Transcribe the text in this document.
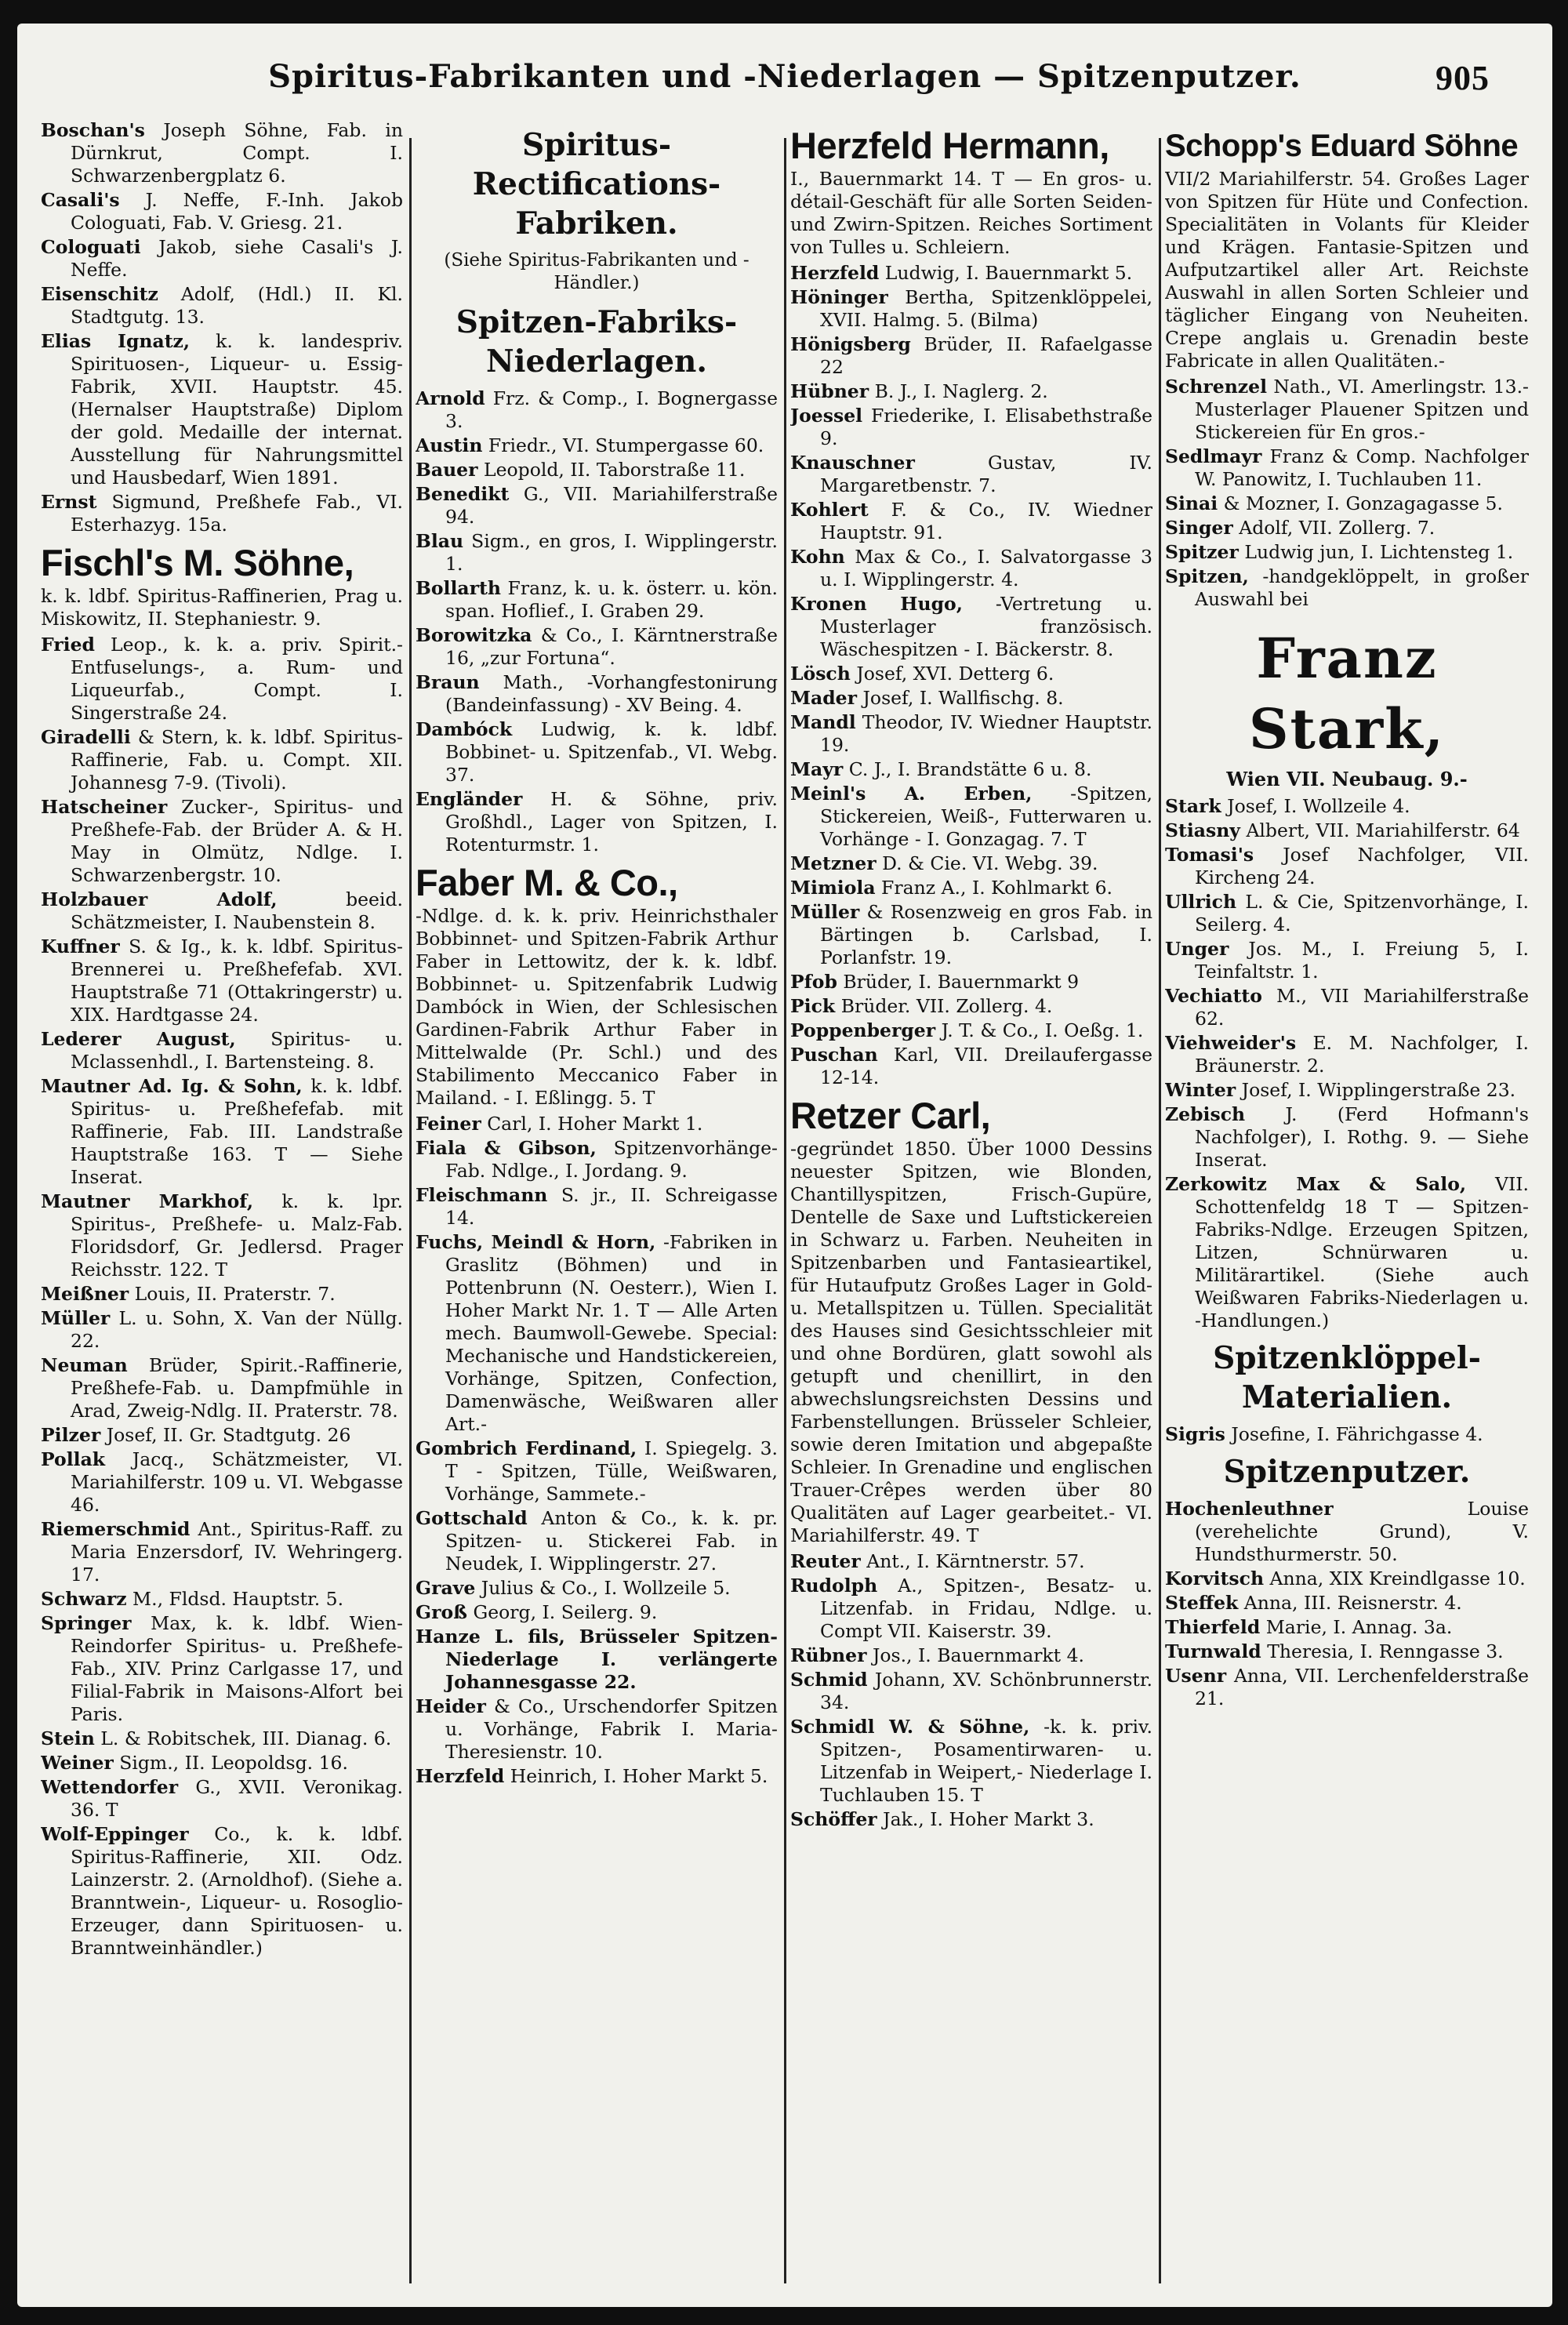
Spiritus-Fabrikanten und -Niederlagen — Spitzenputzer.	905
Boschan's Joseph Söhne, Fab. in Dürnkrut, Compt. I. Schwarzenbergplatz 6.
Casali's J. Neffe, F.-Inh. Jakob Cologuati, Fab. V. Griesg. 21.
Cologuati Jakob, siehe Casali's J. Neffe.
Eisenschitz Adolf, (Hdl.) II. Kl. Stadtgutg. 13.
Elias Ignatz, k. k. landespriv. Spirituosen-, Liqueur- u. Essig-Fabrik, XVII. Hauptstr. 45. (Hernalser Hauptstraße) Diplom der gold. Medaille der internat. Ausstellung für Nahrungsmittel und Hausbedarf, Wien 1891.
Ernst Sigmund, Preßhefe Fab., VI. Esterhazyg. 15a.
Fischl's M. Söhne,
k. k. ldbf. Spiritus-Raffinerien, Prag u. Miskowitz, II. Stephaniestr. 9.
Fried Leop., k. k. a. priv. Spirit.-Entfuselungs-, a. Rum- und Liqueurfab., Compt. I. Singerstraße 24.
Giradelli & Stern, k. k. ldbf. Spiritus-Raffinerie, Fab. u. Compt. XII. Johannesg 7-9. (Tivoli).
Hatscheiner Zucker-, Spiritus- und Preßhefe-Fab. der Brüder A. & H. May in Olmütz, Ndlge. I. Schwarzenbergstr. 10.
Holzbauer Adolf,	beeid. Schätzmeister, I. Naubenstein 8.
Kuffner S. & Ig., k. k. ldbf. Spiritus-Brennerei u. Preßhefefab. XVI. Hauptstraße 71 (Ottakringerstr) u. XIX. Hardtgasse 24.
Lederer August, Spiritus- u. Mclassenhdl., I. Bartensteing. 8.
Mautner Ad. Ig. & Sohn, k. k. ldbf. Spiritus- u. Preßhefefab. mit Raffinerie, Fab. III. Landstraße Hauptstraße 163. T — Siehe Inserat.
Mautner Markhof, k. k. lpr. Spiritus-, Preßhefe- u. Malz-Fab. Floridsdorf, Gr. Jedlersd. Prager Reichsstr. 122. T
Meißner Louis, II. Praterstr. 7.
Müller L. u. Sohn, X. Van der Nüllg. 22.
Neuman Brüder, Spirit.-Raffinerie, Preßhefe-Fab. u. Dampfmühle in Arad, Zweig-Ndlg. II. Praterstr. 78.
Pilzer Josef, II. Gr. Stadtgutg. 26
Pollak Jacq., Schätzmeister, VI. Mariahilferstr. 109 u. VI. Webgasse 46.
Riemerschmid Ant., Spiritus-Raff. zu Maria Enzersdorf, IV. Wehringerg. 17.
Schwarz M., Fldsd. Hauptstr. 5.
Springer Max, k. k. ldbf. Wien-Reindorfer Spiritus- u. Preßhefe-Fab., XIV. Prinz Carlgasse 17, und Filial-Fabrik in Maisons-Alfort bei Paris.
Stein L. & Robitschek, III. Dianag. 6.
Weiner Sigm., II. Leopoldsg. 16.
Wettendorfer G., XVII. Veronikag. 36. T
Wolf-Eppinger Co., k. k. ldbf. Spiritus-Raffinerie, XII. Odz. Lainzerstr. 2. (Arnoldhof). (Siehe a. Branntwein-, Liqueur- u. Rosoglio-Erzeuger, dann Spirituosen- u. Branntweinhändler.)
Spiritus-Rectifications-Fabriken.
(Siehe Spiritus-Fabrikanten und -Händler.)
Spitzen-Fabriks-Niederlagen.
Arnold Frz. & Comp., I. Bognergasse 3.
Austin Friedr., VI. Stumpergasse 60.
Bauer Leopold, II. Taborstraße 11.
Benedikt G., VII. Mariahilferstraße 94.
Blau Sigm., en gros, I. Wipplingerstr. 1.
Bollarth Franz, k. u. k. österr. u. kön. span. Hoflief., I. Graben 29.
Borowitzka & Co., I. Kärntnerstraße 16, „zur Fortuna“.
Braun Math., -Vorhangfestonirung (Bandeinfassung) - XV Being. 4.
Dambóck Ludwig, k. k. ldbf. Bobbinet- u. Spitzenfab., VI. Webg. 37.
Engländer H. & Söhne, priv. Großhdl., Lager von Spitzen, I. Rotenturmstr. 1.
Faber M. & Co.,
-Ndlge. d. k. k. priv. Heinrichsthaler Bobbinnet- und Spitzen-Fabrik Arthur Faber in Lettowitz, der k. k. ldbf. Bobbinnet- u. Spitzenfabrik Ludwig Dambóck in Wien, der Schlesischen Gardinen-Fabrik Arthur Faber in Mittelwalde (Pr. Schl.) und des Stabilimento Meccanico Faber in Mailand. - I. Eßlingg. 5. T
Feiner Carl, I. Hoher Markt 1.
Fiala & Gibson, Spitzenvorhänge-Fab. Ndlge., I. Jordang. 9.
Fleischmann S. jr., II. Schreigasse 14.
Fuchs, Meindl & Horn, -Fabriken in Graslitz (Böhmen) und in Pottenbrunn (N. Oesterr.), Wien I. Hoher Markt Nr. 1. T — Alle Arten mech. Baumwoll-Gewebe. Special: Mechanische und Handstickereien, Vorhänge, Spitzen, Confection, Damenwäsche, Weißwaren aller Art.-
Gombrich Ferdinand, I. Spiegelg. 3. T - Spitzen, Tülle, Weißwaren, Vorhänge, Sammete.-
Gottschald Anton & Co., k. k. pr. Spitzen- u. Stickerei Fab. in Neudek, I. Wipplingerstr. 27.
Grave Julius & Co., I. Wollzeile 5.
Groß Georg, I. Seilerg. 9.
Hanze L. fils, Brüsseler Spitzen-Niederlage I. verlängerte Johannesgasse 22.
Heider & Co., Urschendorfer Spitzen u. Vorhänge, Fabrik I. Maria-Theresienstr. 10.
Herzfeld Heinrich, I. Hoher Markt 5.
Herzfeld Hermann,
I., Bauernmarkt 14. T — En gros- u. détail-Geschäft für alle Sorten Seiden- und Zwirn-Spitzen. Reiches Sortiment von Tulles u. Schleiern.
Herzfeld Ludwig, I. Bauernmarkt 5.
Höninger Bertha, Spitzenklöppelei, XVII. Halmg. 5. (Bilma)
Hönigsberg Brüder, II. Rafaelgasse 22
Hübner B. J., I. Naglerg. 2.
Joessel Friederike, I. Elisabethstraße 9.
Knauschner	Gustav, IV. Margaretbenstr. 7.
Kohlert F. & Co., IV. Wiedner Hauptstr. 91.
Kohn Max & Co., I. Salvatorgasse 3 u. I. Wipplingerstr. 4.
Kronen Hugo, -Vertretung u. Musterlager französisch. Wäschespitzen - I. Bäckerstr. 8.
Lösch Josef, XVI. Detterg 6.
Mader Josef, I. Wallfischg. 8.
Mandl Theodor, IV. Wiedner Hauptstr. 19.
Mayr C. J., I. Brandstätte 6 u. 8.
Meinl's A. Erben, -Spitzen, Stickereien, Weiß-, Futterwaren u. Vorhänge - I. Gonzagag. 7. T
Metzner D. & Cie. VI. Webg. 39.
Mimiola Franz A., I. Kohlmarkt 6.
Müller & Rosenzweig en gros Fab. in Bärtingen b. Carlsbad, I. Porlanfstr. 19.
Pfob Brüder, I. Bauernmarkt 9
Pick Brüder. VII. Zollerg. 4.
Poppenberger J. T. & Co., I. Oeßg. 1.
Puschan Karl, VII. Dreilaufergasse 12-14.
Retzer Carl,
-gegründet 1850. Über 1000 Dessins neuester Spitzen, wie Blonden, Chantillyspitzen, Frisch-Gupüre, Dentelle de Saxe und Luftstickereien in Schwarz u. Farben. Neuheiten in Spitzenbarben und Fantasieartikel, für Hutaufputz Großes Lager in Gold- u. Metallspitzen u. Tüllen. Specialität des Hauses sind Gesichtsschleier mit und ohne Bordüren, glatt sowohl als getupft und chenillirt, in den abwechslungsreichsten Dessins und Farbenstellungen. Brüsseler Schleier, sowie deren Imitation und abgepaßte Schleier. In Grenadine und englischen Trauer-Crêpes werden über 80 Qualitäten auf Lager gearbeitet.- VI. Mariahilferstr. 49. T
Reuter Ant., I. Kärntnerstr. 57.
Rudolph A., Spitzen-, Besatz- u. Litzenfab. in Fridau, Ndlge. u. Compt VII. Kaiserstr. 39.
Rübner Jos., I. Bauernmarkt 4.
Schmid Johann, XV. Schönbrunnerstr. 34.
Schmidl W. & Söhne, -k. k. priv. Spitzen-, Posamentirwaren- u. Litzenfab in Weipert,- Niederlage I. Tuchlauben 15. T
Schöffer Jak., I. Hoher Markt 3.
Schopp's Eduard Söhne
VII/2 Mariahilferstr. 54. Großes Lager von Spitzen für Hüte und Confection. Specialitäten in Volants für Kleider und Krägen. Fantasie-Spitzen und Aufputzartikel aller Art. Reichste Auswahl in allen Sorten Schleier und täglicher Eingang von Neuheiten. Crepe anglais u. Grenadin beste Fabricate in allen Qualitäten.-
Schrenzel Nath., VI. Amerlingstr. 13.-Musterlager Plauener Spitzen und Stickereien für En gros.-
Sedlmayr Franz & Comp. Nachfolger W. Panowitz, I. Tuchlauben 11.
Sinai & Mozner, I. Gonzagagasse 5.
Singer Adolf, VII. Zollerg. 7.
Spitzer Ludwig jun, I. Lichtensteg 1.
Spitzen, -handgeklöppelt, in großer Auswahl bei
Franz Stark,
Wien VII. Neubaug. 9.-
Stark Josef, I. Wollzeile 4.
Stiasny Albert, VII. Mariahilferstr. 64
Tomasi's Josef Nachfolger, VII. Kircheng 24.
Ullrich L. & Cie, Spitzenvorhänge, I. Seilerg. 4.
Unger Jos. M., I. Freiung 5, I. Teinfaltstr. 1.
Vechiatto M., VII Mariahilferstraße 62.
Viehweider's E. M. Nachfolger, I. Bräunerstr. 2.
Winter Josef, I. Wipplingerstraße 23.
Zebisch J. (Ferd Hofmann's Nachfolger), I. Rothg. 9. — Siehe Inserat.
Zerkowitz Max & Salo, VII. Schottenfeldg 18 T — Spitzen-Fabriks-Ndlge. Erzeugen Spitzen, Litzen, Schnürwaren u. Militärartikel. (Siehe auch Weißwaren Fabriks-Niederlagen u. -Handlungen.)
Spitzenklöppel-Materialien.
Sigris Josefine, I. Fährichgasse 4.
Spitzenputzer.
Hochenleuthner	Louise (verehelichte Grund), V. Hundsthurmerstr. 50.
Korvitsch Anna, XIX Kreindlgasse 10.
Steffek Anna, III. Reisnerstr. 4.
Thierfeld Marie, I. Annag. 3a.
Turnwald Theresia, I. Renngasse 3.
Usenr Anna, VII. Lerchenfelderstraße 21.
